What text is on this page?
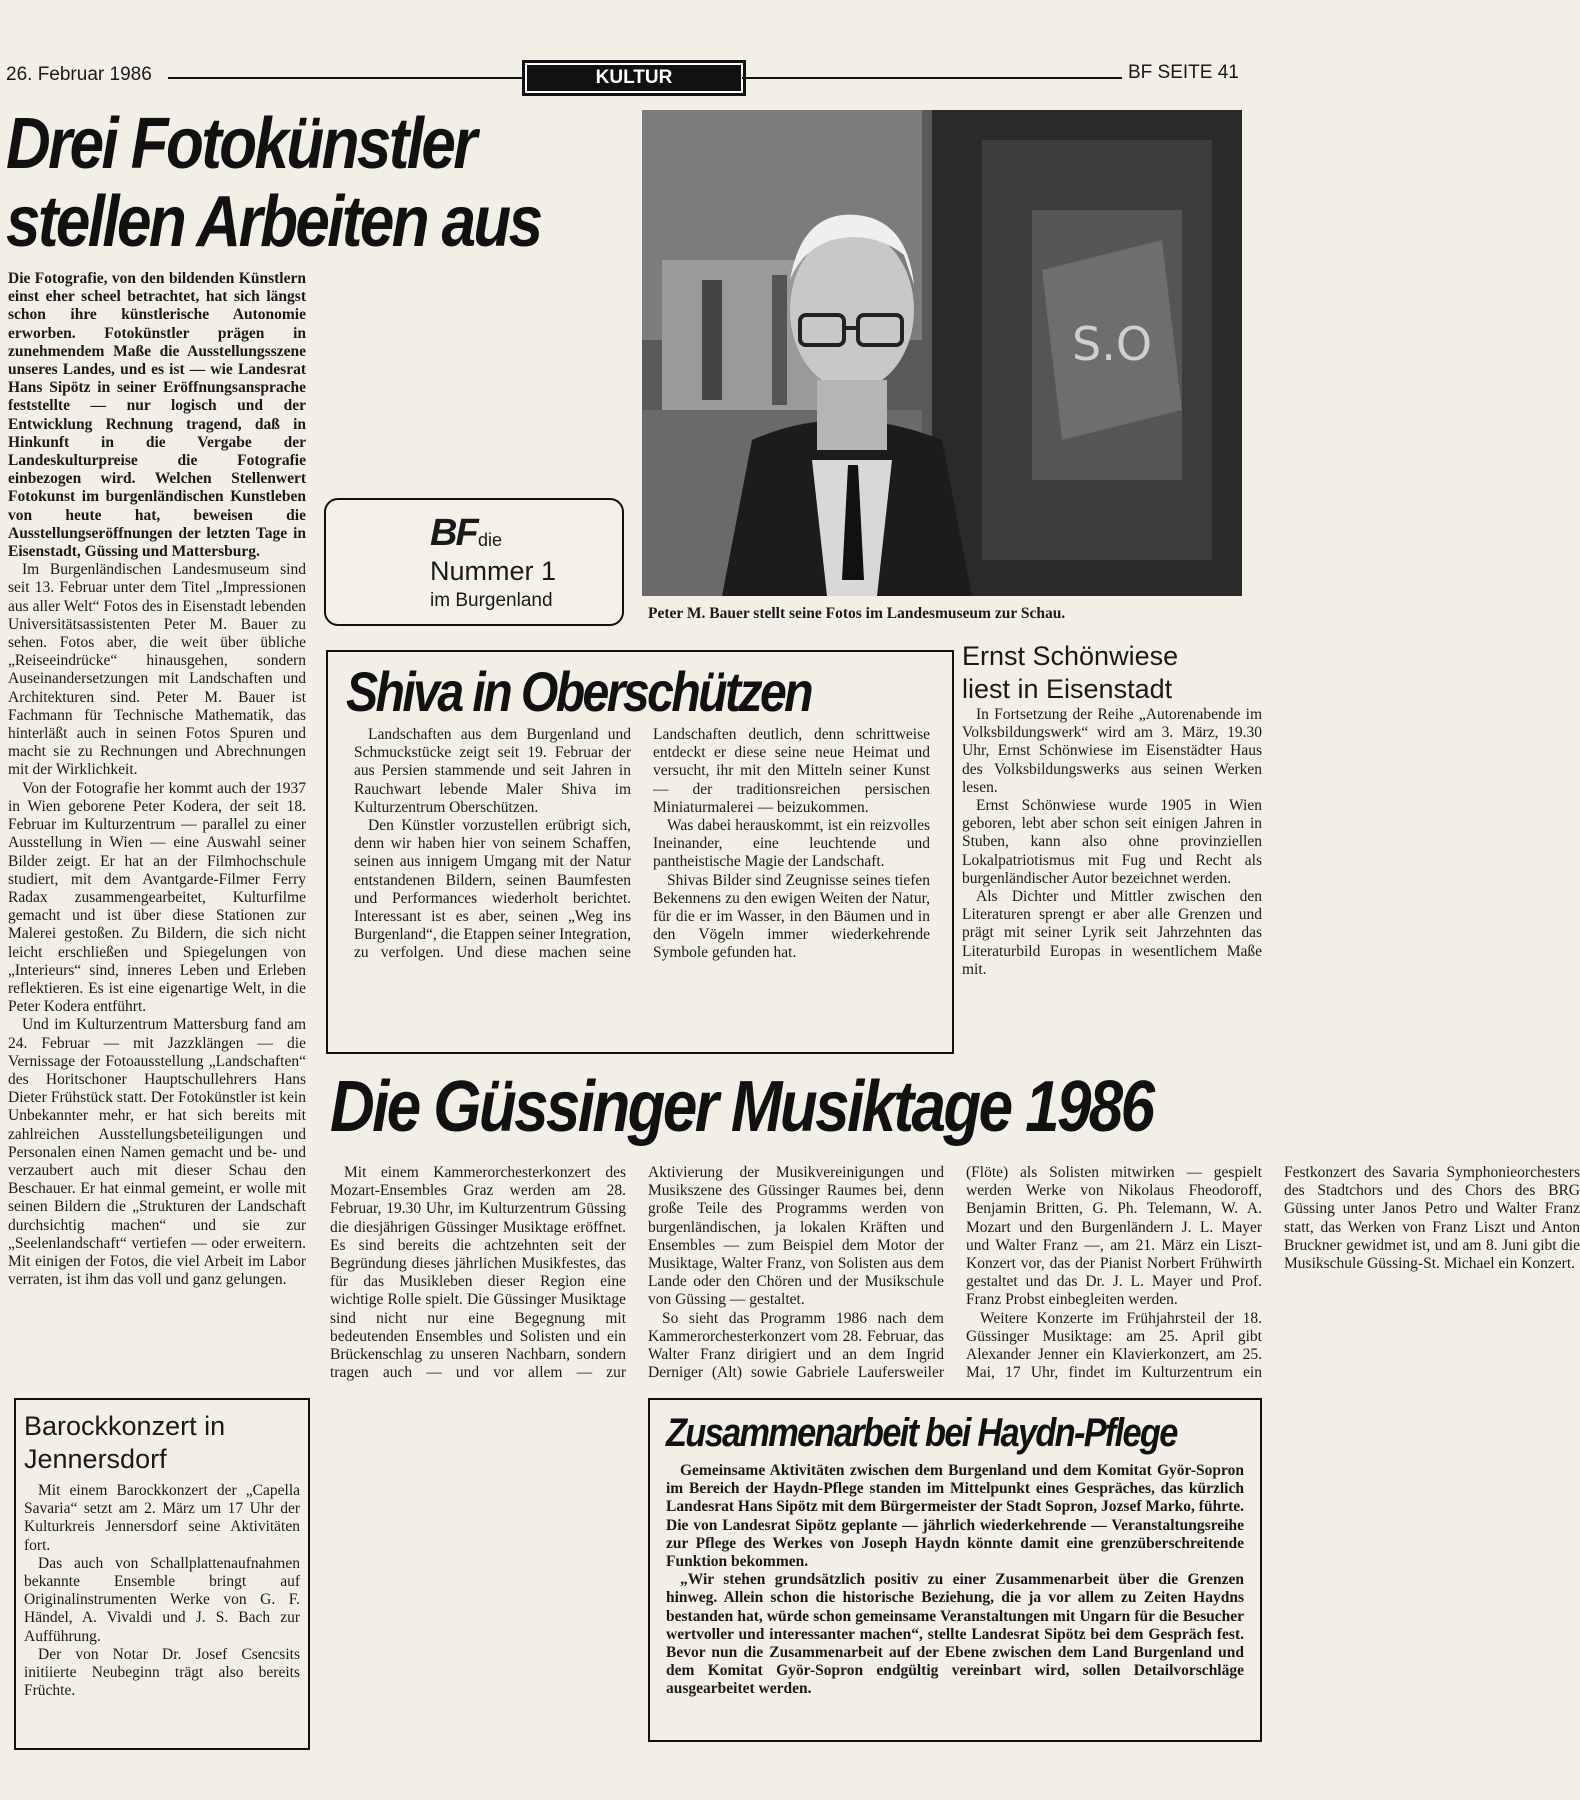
26. Februar 1986	KULTUR	BF SEITE 41
Drei Fotokünstler
stellen Arbeiten aus

Die Fotografie, von den bildenden Künstlern einst eher scheel betrachtet, hat sich längst schon ihre künstlerische Autonomie erworben. Fotokünstler prägen in zunehmendem Maße die Ausstellungsszene unseres Landes, und es ist — wie Landesrat Hans Sipötz in seiner Eröffnungsansprache feststellte — nur logisch und der Entwicklung Rechnung tragend, daß in Hinkunft in die Vergabe der Landeskulturpreise die Fotografie einbezogen wird. Welchen Stellenwert Fotokunst im burgenländischen Kunstleben von heute hat, beweisen die Ausstellungseröffnungen der letzten Tage in Eisenstadt, Güssing und Mattersburg.

Im Burgenländischen Landesmuseum sind seit 13. Februar unter dem Titel „Impressionen aus aller Welt“ Fotos des in Eisenstadt lebenden Universitätsassistenten Peter M. Bauer zu sehen. Fotos aber, die weit über übliche „Reiseeindrücke“ hinausgehen, sondern Auseinandersetzungen mit Landschaften und Architekturen sind. Peter M. Bauer ist Fachmann für Technische Mathematik, das hinterläßt auch in seinen Fotos Spuren und macht sie zu Rechnungen und Abrechnungen mit der Wirklichkeit.

Von der Fotografie her kommt auch der 1937 in Wien geborene Peter Kodera, der seit 18. Februar im Kulturzentrum — parallel zu einer Ausstellung in Wien — eine Auswahl seiner Bilder zeigt. Er hat an der Filmhochschule studiert, mit dem Avantgarde-Filmer Ferry Radax zusammengearbeitet, Kulturfilme gemacht und ist über diese Stationen zur Malerei gestoßen. Zu Bildern, die sich nicht leicht erschließen und Spiegelungen von „Interieurs“ sind, inneres Leben und Erleben reflektieren. Es ist eine eigenartige Welt, in die Peter Kodera entführt.

Und im Kulturzentrum Mattersburg fand am 24. Februar — mit Jazzklängen — die Vernissage der Fotoausstellung „Landschaften“ des Horitschoner Hauptschullehrers Hans Dieter Frühstück statt. Der Fotokünstler ist kein Unbekannter mehr, er hat sich bereits mit zahlreichen Ausstellungsbeteiligungen und Personalen einen Namen gemacht und be- und verzaubert auch mit dieser Schau den Beschauer. Er hat einmal gemeint, er wolle mit seinen Bildern die „Strukturen der Landschaft durchsichtig machen“ und sie zur „Seelenlandschaft“ vertiefen — oder erweitern. Mit einigen der Fotos, die viel Arbeit im Labor verraten, ist ihm das voll und ganz gelungen.

BF die
Nummer 1
im Burgenland
S.O
Peter M. Bauer stellt seine Fotos im Landesmuseum zur Schau.
Shiva in Oberschützen

Landschaften aus dem Burgenland und Schmuckstücke zeigt seit 19. Februar der aus Persien stammende und seit Jahren in Rauchwart lebende Maler Shiva im Kulturzentrum Oberschützen.

Den Künstler vorzustellen erübrigt sich, denn wir haben hier von seinem Schaffen, seinen aus innigem Umgang mit der Natur entstandenen Bildern, seinen Baumfesten und Performances wiederholt berichtet. Interessant ist es aber, seinen „Weg ins Burgenland“, die Etappen seiner Integration, zu verfolgen. Und diese machen seine Landschaften deutlich, denn schrittweise entdeckt er diese seine neue Heimat und versucht, ihr mit den Mitteln seiner Kunst — der traditionsreichen persischen Miniaturmalerei — beizukommen.

Was dabei herauskommt, ist ein reizvolles Ineinander, eine leuchtende und pantheistische Magie der Landschaft.

Shivas Bilder sind Zeugnisse seines tiefen Bekennens zu den ewigen Weiten der Natur, für die er im Wasser, in den Bäumen und in den Vögeln immer wiederkehrende Symbole gefunden hat.

Ernst Schönwiese liest in Eisenstadt

In Fortsetzung der Reihe „Autorenabende im Volksbildungswerk“ wird am 3. März, 19.30 Uhr, Ernst Schönwiese im Eisenstädter Haus des Volksbildungswerks aus seinen Werken lesen.

Ernst Schönwiese wurde 1905 in Wien geboren, lebt aber schon seit einigen Jahren in Stuben, kann also ohne provinziellen Lokalpatriotismus mit Fug und Recht als burgenländischer Autor bezeichnet werden.

Als Dichter und Mittler zwischen den Literaturen sprengt er aber alle Grenzen und prägt mit seiner Lyrik seit Jahrzehnten das Literaturbild Europas in wesentlichem Maße mit.

Die Güssinger Musiktage 1986

Mit einem Kammerorchesterkonzert des Mozart-Ensembles Graz werden am 28. Februar, 19.30 Uhr, im Kulturzentrum Güssing die diesjährigen Güssinger Musiktage eröffnet. Es sind bereits die achtzehnten seit der Begründung dieses jährlichen Musikfestes, das für das Musikleben dieser Region eine wichtige Rolle spielt. Die Güssinger Musiktage sind nicht nur eine Begegnung mit bedeutenden Ensembles und Solisten und ein Brückenschlag zu unseren Nachbarn, sondern tragen auch — und vor allem — zur Aktivierung der Musikvereinigungen und Musikszene des Güssinger Raumes bei, denn große Teile des Programms werden von burgenländischen, ja lokalen Kräften und Ensembles — zum Beispiel dem Motor der Musiktage, Walter Franz, von Solisten aus dem Lande oder den Chören und der Musikschule von Güssing — gestaltet.

So sieht das Programm 1986 nach dem Kammerorchesterkonzert vom 28. Februar, das Walter Franz dirigiert und an dem Ingrid Derniger (Alt) sowie Gabriele Laufersweiler (Flöte) als Solisten mitwirken — gespielt werden Werke von Nikolaus Fheodoroff, Benjamin Britten, G. Ph. Telemann, W. A. Mozart und den Burgenländern J. L. Mayer und Walter Franz —, am 21. März ein Liszt-Konzert vor, das der Pianist Norbert Frühwirth gestaltet und das Dr. J. L. Mayer und Prof. Franz Probst einbegleiten werden.

Weitere Konzerte im Frühjahrsteil der 18. Güssinger Musiktage: am 25. April gibt Alexander Jenner ein Klavierkonzert, am 25. Mai, 17 Uhr, findet im Kulturzentrum ein Festkonzert des Savaria Symphonieorchesters des Stadtchors und des Chors des BRG Güssing unter Janos Petro und Walter Franz statt, das Werken von Franz Liszt und Anton Bruckner gewidmet ist, und am 8. Juni gibt die Musikschule Güssing-St. Michael ein Konzert.

Barockkonzert in Jennersdorf

Mit einem Barockkonzert der „Capella Savaria“ setzt am 2. März um 17 Uhr der Kulturkreis Jennersdorf seine Aktivitäten fort.

Das auch von Schallplattenaufnahmen bekannte Ensemble bringt auf Originalinstrumenten Werke von G. F. Händel, A. Vivaldi und J. S. Bach zur Aufführung.

Der von Notar Dr. Josef Csencsits initiierte Neubeginn trägt also bereits Früchte.

Zusammenarbeit bei Haydn-Pflege

Gemeinsame Aktivitäten zwischen dem Burgenland und dem Komitat Györ-Sopron im Bereich der Haydn-Pflege standen im Mittelpunkt eines Gespräches, das kürzlich Landesrat Hans Sipötz mit dem Bürgermeister der Stadt Sopron, Jozsef Marko, führte. Die von Landesrat Sipötz geplante — jährlich wiederkehrende — Veranstaltungsreihe zur Pflege des Werkes von Joseph Haydn könnte damit eine grenzüberschreitende Funktion bekommen.

„Wir stehen grundsätzlich positiv zu einer Zusammenarbeit über die Grenzen hinweg. Allein schon die historische Beziehung, die ja vor allem zu Zeiten Haydns bestanden hat, würde schon gemeinsame Veranstaltungen mit Ungarn für die Besucher wertvoller und interessanter machen“, stellte Landesrat Sipötz bei dem Gespräch fest. Bevor nun die Zusammenarbeit auf der Ebene zwischen dem Land Burgenland und dem Komitat Györ-Sopron endgültig vereinbart wird, sollen Detailvorschläge ausgearbeitet werden.
